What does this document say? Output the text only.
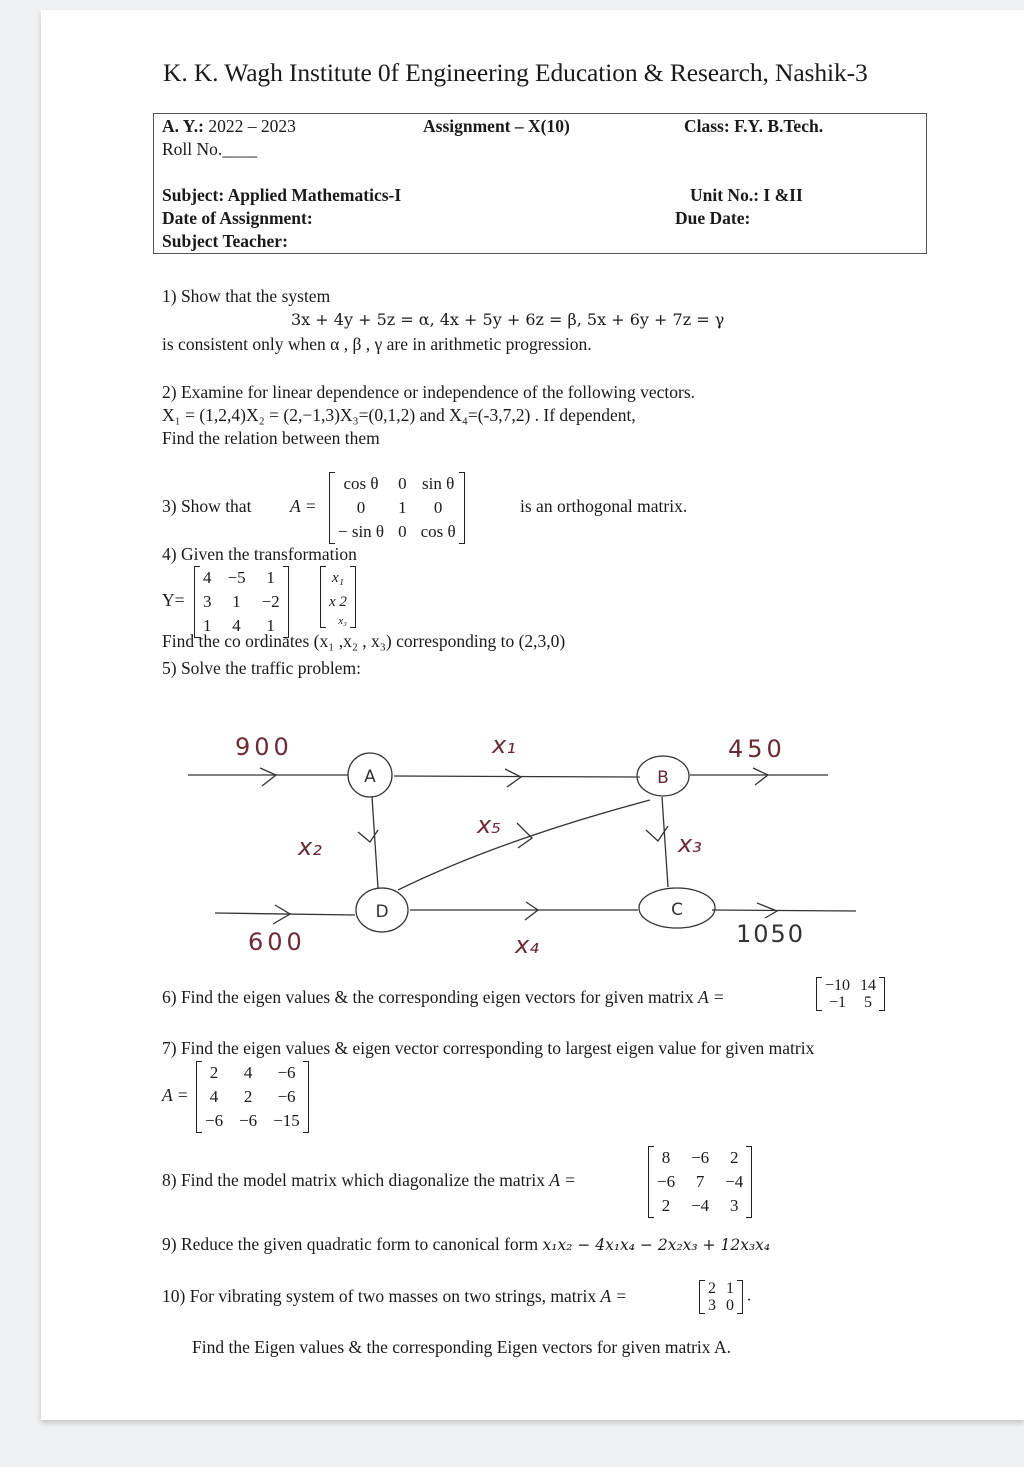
K. K. Wagh Institute 0f Engineering Education & Research, Nashik-3
A. Y.: 2022 – 2023	Assignment – X(10)	Class: F.Y. B.Tech.
Roll No.____
Subject: Applied Mathematics-I	Unit No.: I &II
Date of Assignment:	Due Date:
Subject Teacher:
1) Show that the system
3x + 4y + 5z = α, 4x + 5y + 6z = β, 5x + 6y + 7z = γ
is consistent only when α , β , γ are in arithmetic progression.
2) Examine for linear dependence or independence of the following vectors.
X₁ = (1,2,4)X₂ = (2,−1,3)X₃=(0,1,2) and X₄=(-3,7,2) . If dependent,
Find the relation between them
3) Show that A =
cos θ	0 sin θ
0	1	0
− sin θ 0 cos θ
is an orthogonal matrix.
4) Given the transformation
Y=
4 −5 1
3 1 −2
1 4 1
x₁
x 2
x₃
Find the co ordinates (x₁ ,x₂ , x₃) corresponding to (2,3,0)
5) Solve the traffic problem:
A	B
C
D
900
600
450
1050
x₁
x₂	x₃
x₄
x₅
6) Find the eigen values & the corresponding eigen vectors for given matrix A =
−10 14
−1 5
7) Find the eigen values & eigen vector corresponding to largest eigen value for given matrix
A =
2 4 −6
4 2 −6
−6 −6 −15
8) Find the model matrix which diagonalize the matrix A =
8 −6 2
−6 7 −4
2 −4 3
9) Reduce the given quadratic form to canonical form x₁x₂ − 4x₁x₄ − 2x₂x₃ + 12x₃x₄
10) For vibrating system of two masses on two strings, matrix A =	2 1
3 0
.
Find the Eigen values & the corresponding Eigen vectors for given matrix A.
